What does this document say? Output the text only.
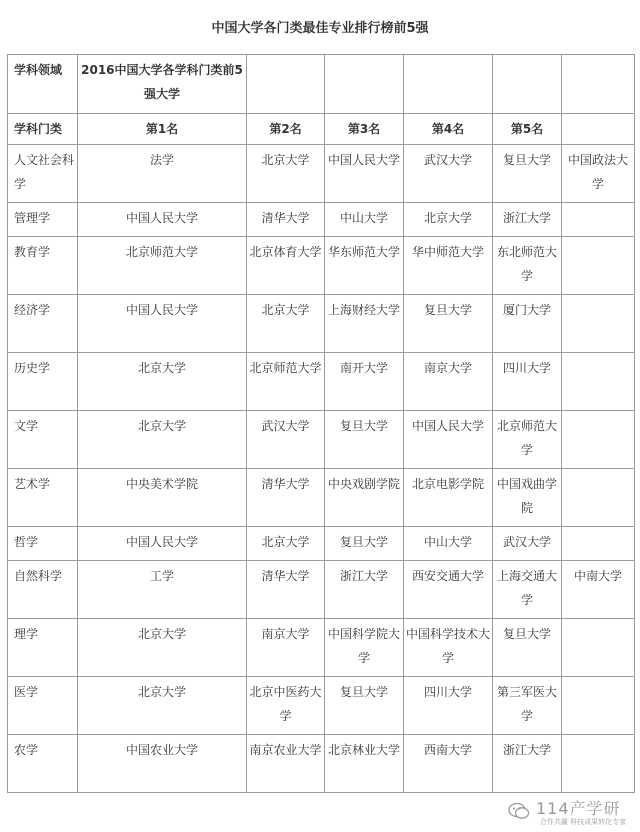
中国大学各门类最佳专业排行榜前5强
学科领域	2016中国大学各学科门类前5强大学					
学科门类	第1名	第2名	第3名	第4名	第5名	
人文社会科学	法学	北京大学	中国人民大学	武汉大学	复旦大学	中国政法大学
管理学	中国人民大学	清华大学	中山大学	北京大学	浙江大学	
教育学	北京师范大学	北京体育大学	华东师范大学	华中师范大学	东北师范大学	
经济学	中国人民大学	北京大学	上海财经大学	复旦大学	厦门大学	
历史学	北京大学	北京师范大学	南开大学	南京大学	四川大学	
文学	北京大学	武汉大学	复旦大学	中国人民大学	北京师范大学	
艺术学	中央美术学院	清华大学	中央戏剧学院	北京电影学院	中国戏曲学院	
哲学	中国人民大学	北京大学	复旦大学	中山大学	武汉大学	
自然科学	工学	清华大学	浙江大学	西安交通大学	上海交通大学	中南大学
理学	北京大学	南京大学	中国科学院大学	中国科学技术大学	复旦大学	
医学	北京大学	北京中医药大学	复旦大学	四川大学	第三军医大学	
农学	中国农业大学	南京农业大学	北京林业大学	西南大学	浙江大学	
114产学研
合作共赢 科技成果转化专家
